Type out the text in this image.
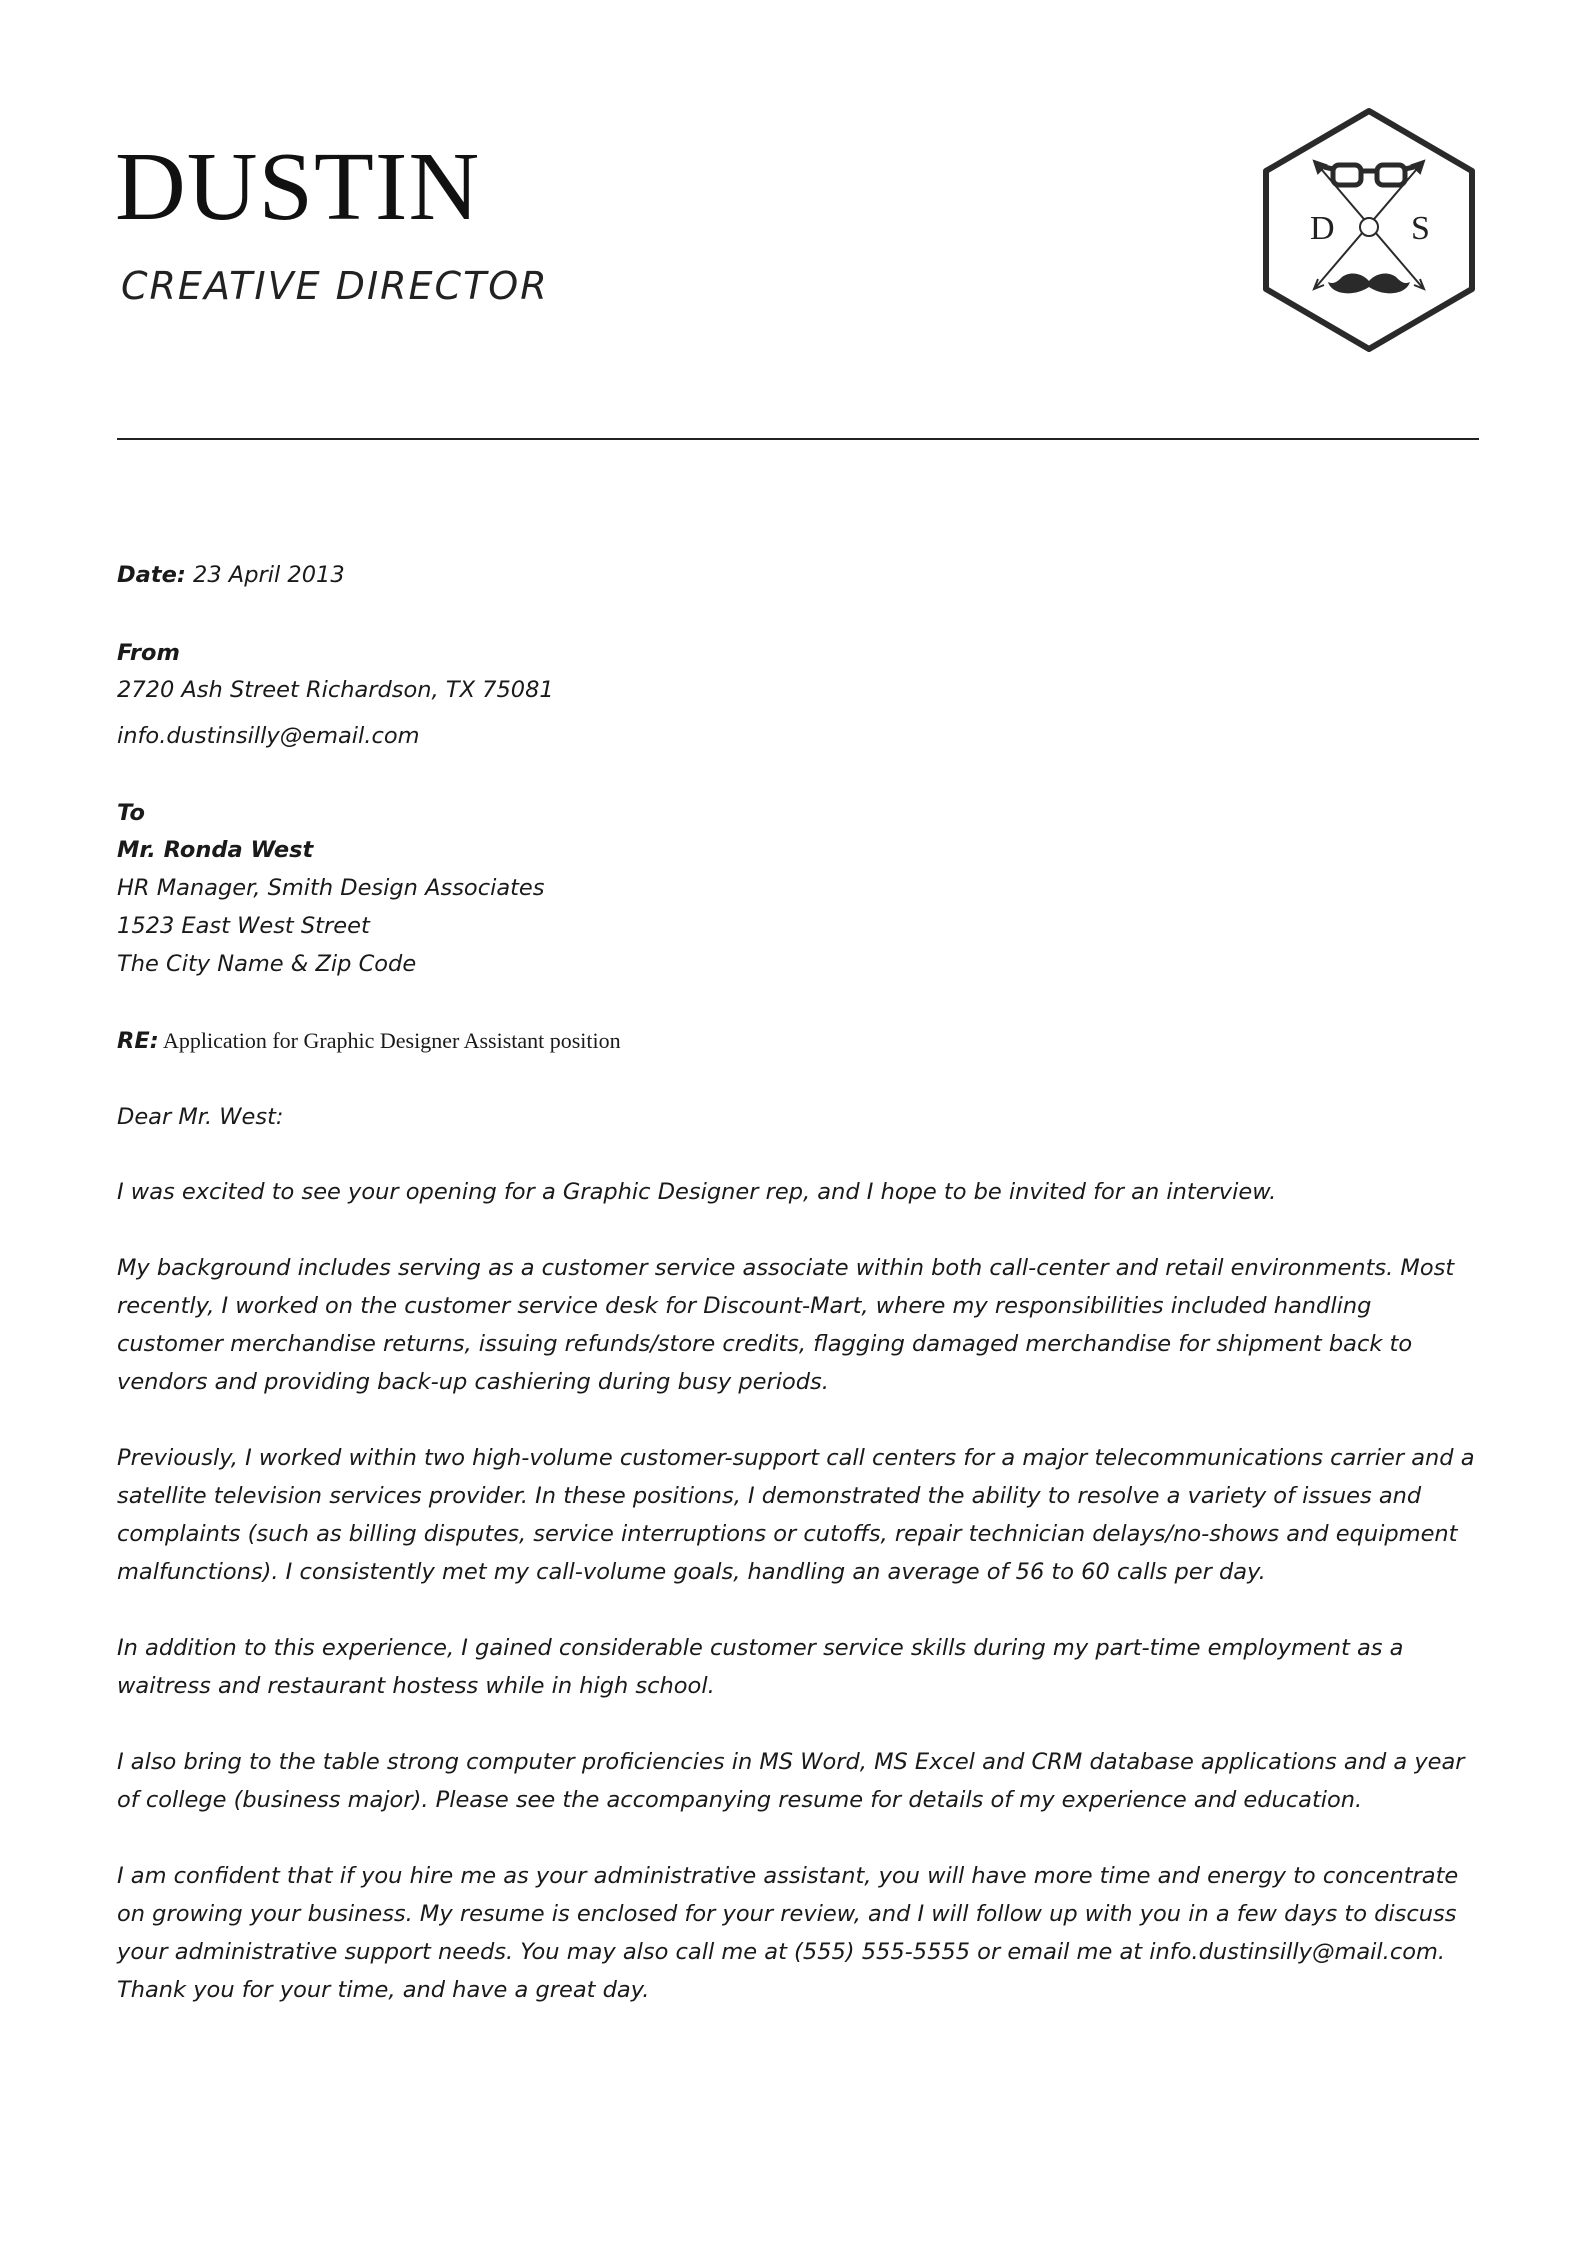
DUSTIN
CREATIVE DIRECTOR
D S
Date: 23 April 2013
From
2720 Ash Street Richardson, TX 75081
info.dustinsilly@email.com
To
Mr. Ronda West
HR Manager, Smith Design Associates
1523 East West Street
The City Name & Zip Code
RE: Application for Graphic Designer Assistant position
Dear Mr. West:

I was excited to see your opening for a Graphic Designer rep, and I hope to be invited for an interview.

My background includes serving as a customer service associate within both call-center and retail environments. Most recently, I worked on the customer service desk for Discount-Mart, where my responsibilities included handling customer merchandise returns, issuing refunds/store credits, flagging damaged merchandise for shipment back to vendors and providing back-up cashiering during busy periods.

Previously, I worked within two high-volume customer-support call centers for a major telecommunications carrier and a satellite television services provider. In these positions, I demonstrated the ability to resolve a variety of issues and complaints (such as billing disputes, service interruptions or cutoffs, repair technician delays/no-shows and equipment malfunctions). I consistently met my call-volume goals, handling an average of 56 to 60 calls per day.

In addition to this experience, I gained considerable customer service skills during my part-time employment as a waitress and restaurant hostess while in high school.

I also bring to the table strong computer proficiencies in MS Word, MS Excel and CRM database applications and a year of college (business major). Please see the accompanying resume for details of my experience and education.

I am confident that if you hire me as your administrative assistant, you will have more time and energy to concentrate on growing your business. My resume is enclosed for your review, and I will follow up with you in a few days to discuss your administrative support needs. You may also call me at (555) 555-5555 or email me at info.dustinsilly@mail.com. Thank you for your time, and have a great day.
